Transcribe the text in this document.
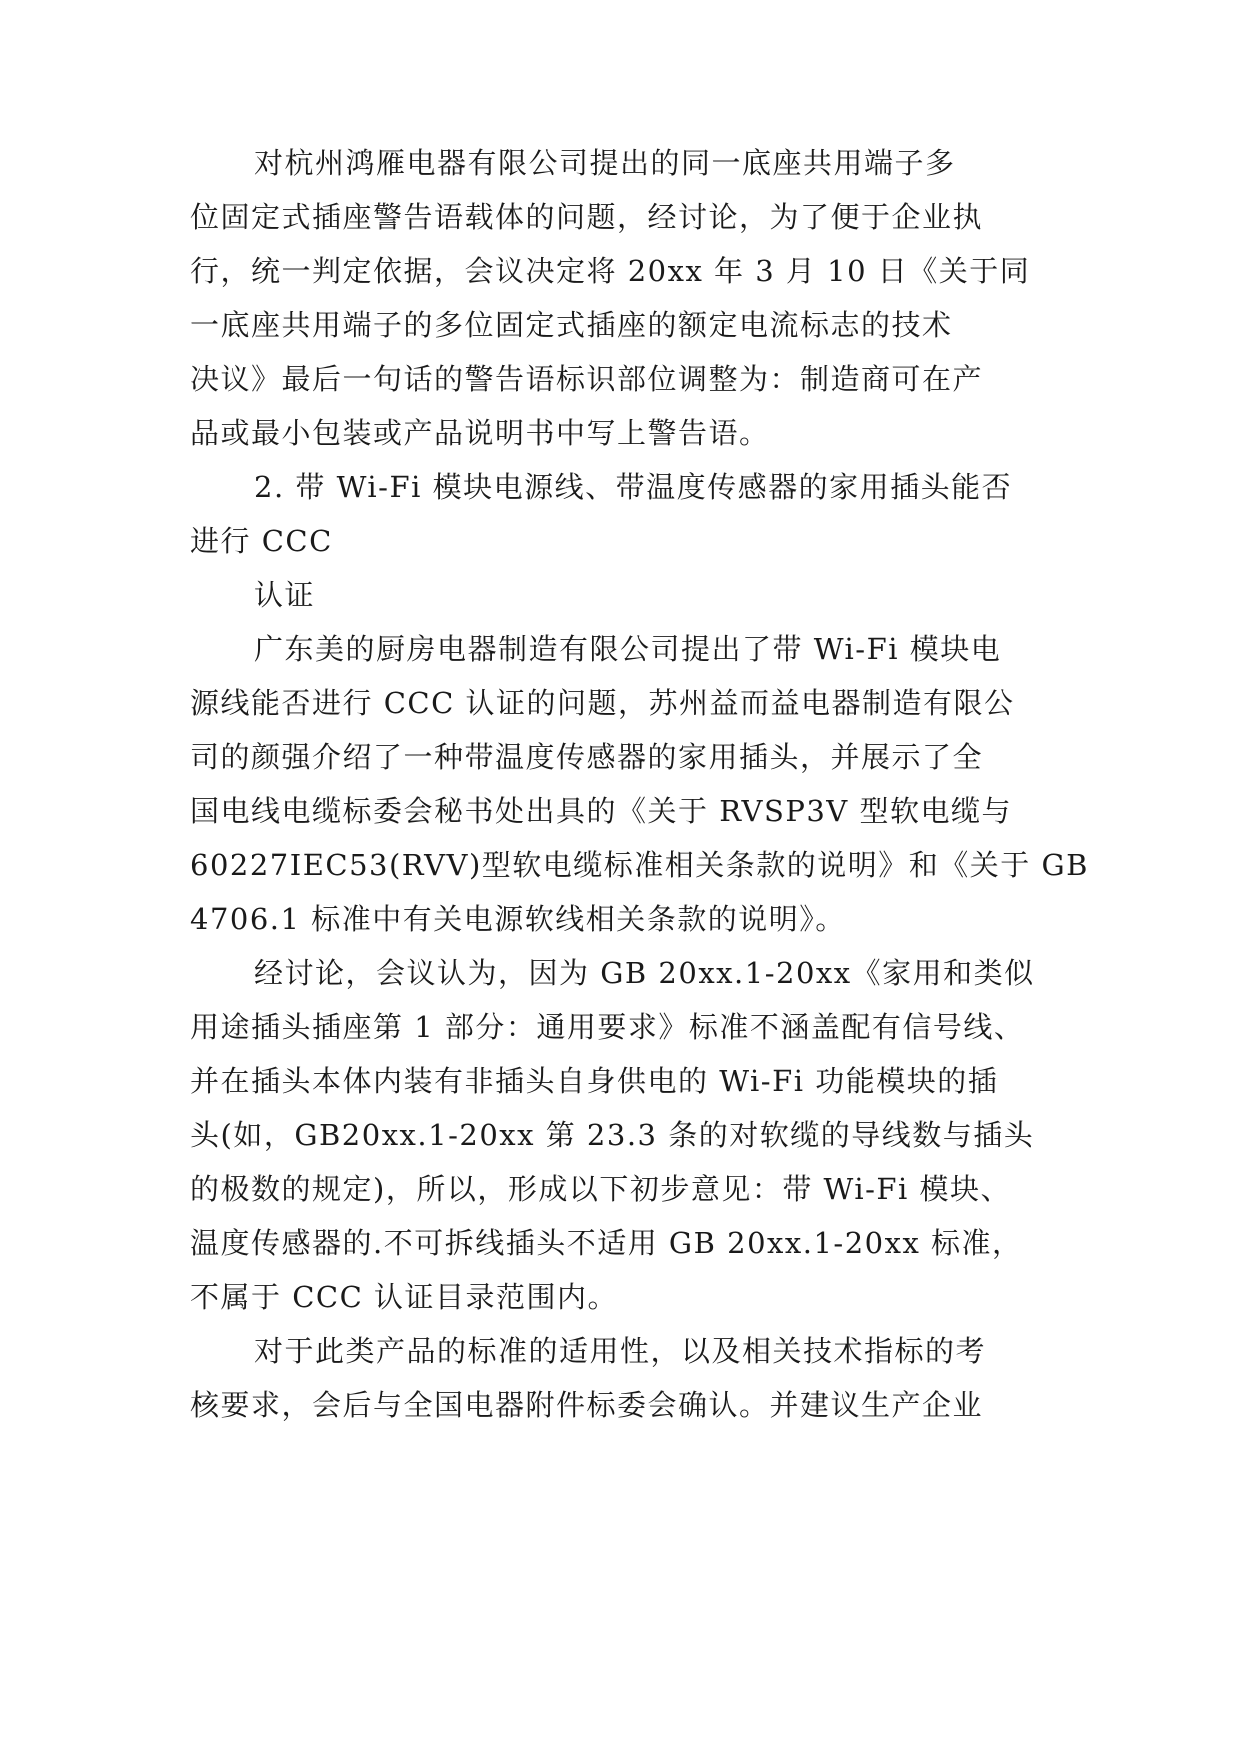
对杭州鸿雁电器有限公司提出的同一底座共用端子多
位固定式插座警告语载体的问题，经讨论，为了便于企业执
行，统一判定依据，会议决定将 20xx 年 3 月 10 日《关于同
一底座共用端子的多位固定式插座的额定电流标志的技术
决议》最后一句话的警告语标识部位调整为：制造商可在产
品或最小包装或产品说明书中写上警告语。
2. 带 Wi-Fi 模块电源线、带温度传感器的家用插头能否
进行 CCC
认证
广东美的厨房电器制造有限公司提出了带 Wi-Fi 模块电
源线能否进行 CCC 认证的问题，苏州益而益电器制造有限公
司的颜强介绍了一种带温度传感器的家用插头，并展示了全
国电线电缆标委会秘书处出具的《关于 RVSP3V 型软电缆与
60227IEC53(RVV)型软电缆标准相关条款的说明》和《关于 GB
4706.1 标准中有关电源软线相关条款的说明》。
经讨论，会议认为，因为 GB 20xx.1-20xx《家用和类似
用途插头插座第 1 部分：通用要求》标准不涵盖配有信号线、
并在插头本体内装有非插头自身供电的 Wi-Fi 功能模块的插
头(如，GB20xx.1-20xx 第 23.3 条的对软缆的导线数与插头
的极数的规定)，所以，形成以下初步意见：带 Wi-Fi 模块、
温度传感器的.不可拆线插头不适用 GB 20xx.1-20xx 标准，
不属于 CCC 认证目录范围内。
对于此类产品的标准的适用性，以及相关技术指标的考
核要求，会后与全国电器附件标委会确认。并建议生产企业
